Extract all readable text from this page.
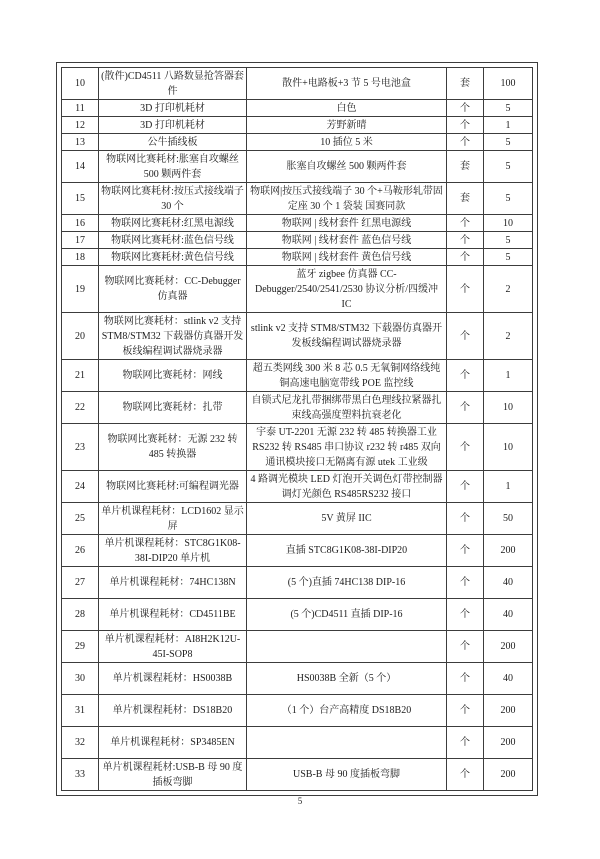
10	(散件)CD4511 八路数显抢答器套件	散件+电路板+3 节 5 号电池盒	套	100
11	3D 打印机耗材	白色	个	5
12	3D 打印机耗材	芳野新晴	个	1
13	公牛插线板	10 插位 5 米	个	5
14	物联网比赛耗材:胀塞自攻螺丝 500 颗两件套	胀塞自攻螺丝 500 颗两件套	套	5
15	物联网比赛耗材:按压式接线端子 30 个	物联网|按压式接线端子 30 个+马鞍形轧带固定座 30 个 1 袋装 国赛同款	套	5
16	物联网比赛耗材:红黑电源线	物联网 | 线材套件 红黑电源线	个	10
17	物联网比赛耗材:蓝色信号线	物联网 | 线材套件 蓝色信号线	个	5
18	物联网比赛耗材:黄色信号线	物联网 | 线材套件 黄色信号线	个	5
19	物联网比赛耗材：CC-Debugger 仿真器	蓝牙 zigbee 仿真器 CC-Debugger/2540/2541/2530 协议分析/四缓冲 IC	个	2
20	物联网比赛耗材：stlink v2 支持 STM8/STM32 下载器仿真器开发板线编程调试器烧录器	stlink v2 支持 STM8/STM32 下载器仿真器开发板线编程调试器烧录器	个	2
21	物联网比赛耗材：网线	超五类网线 300 米 8 芯 0.5 无氧铜网络线纯铜高速电脑宽带线 POE 监控线	个	1
22	物联网比赛耗材：扎带	自锁式尼龙扎带捆绑带黑白色理线拉紧器扎束线高强度塑料抗衰老化	个	10
23	物联网比赛耗材：无源 232 转 485 转换器	宇泰 UT-2201 无源 232 转 485 转换器工业 RS232 转 RS485 串口协议 r232 转 r485 双向通讯模块接口无隔离有源 utek 工业级	个	10
24	物联网比赛耗材:可编程调光器	4 路调光模块 LED 灯泡开关调色灯带控制器调灯光颜色 RS485RS232 接口	个	1
25	单片机课程耗材：LCD1602 显示屏	5V 黄屏 IIC	个	50
26	单片机课程耗材：STC8G1K08-38I-DIP20 单片机	直插 STC8G1K08-38I-DIP20	个	200
27	单片机课程耗材：74HC138N	(5 个)直插 74HC138 DIP-16	个	40
28	单片机课程耗材：CD4511BE	(5 个)CD4511 直插 DIP-16	个	40
29	单片机课程耗材：AI8H2K12U-45I-SOP8		个	200
30	单片机课程耗材：HS0038B	HS0038B 全新（5 个）	个	40
31	单片机课程耗材：DS18B20	（1 个）台产高精度 DS18B20	个	200
32	单片机课程耗材：SP3485EN		个	200
33	单片机课程耗材:USB-B 母 90 度插板弯脚	USB-B 母 90 度插板弯脚	个	200
5
